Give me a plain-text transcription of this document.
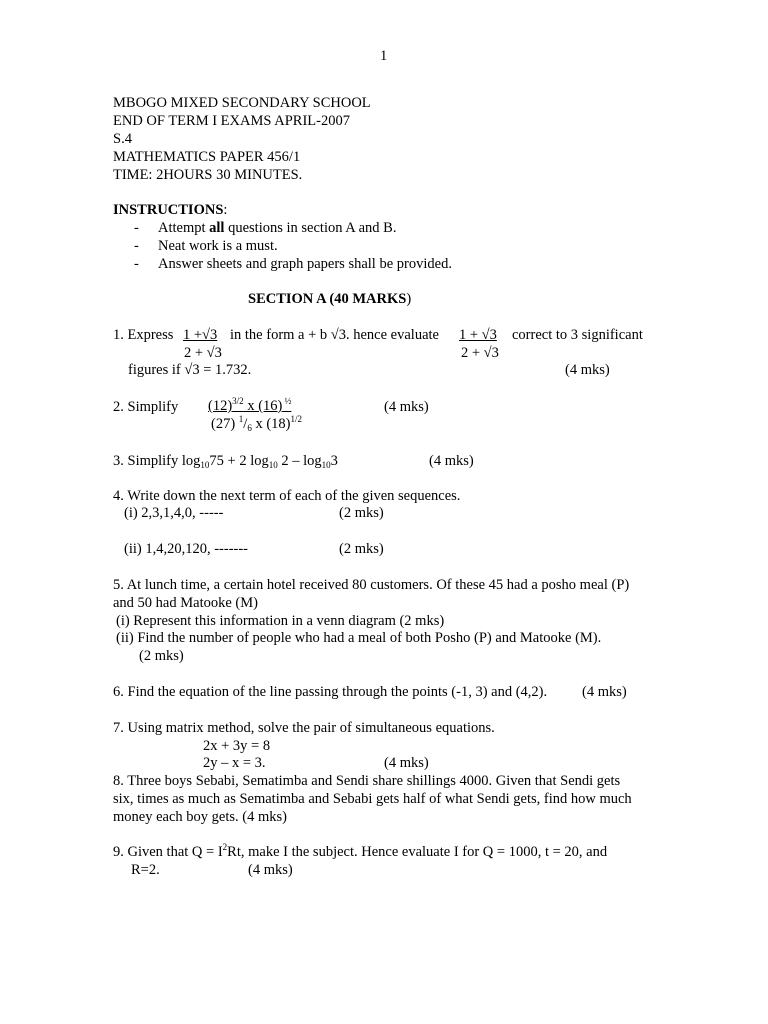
1
MBOGO MIXED SECONDARY SCHOOL
END OF TERM I EXAMS APRIL-2007
S.4
MATHEMATICS PAPER 456/1
TIME: 2HOURS 30 MINUTES.
INSTRUCTIONS:
- Attempt all questions in section A and B.
- Neat work is a must.
- Answer sheets and graph papers shall be provided.
SECTION A (40 MARKS)
1. Express 1 +√3 in the form a + b √3. hence evaluate 1 + √3 correct to 3 significant
2 + √3	2 + √3
figures if √3 = 1.732.	(4 mks)
2. Simplify $(12)^{3/2}$ x (16) $^{\frac{1}{2}}$
(27) $^1/_6$ x $(18)^{1/2}$
(4 mks)
3. Simplify $\log_{10}75 + 2$ $\log_{10} 2 - \log_{10}3$	(4 mks)
4. Write down the next term of each of the given sequences.
(i) 2,3,1,4,0, -----	(2 mks)
(ii) 1,4,20,120, -------	(2 mks)
5. At lunch time, a certain hotel received 80 customers. Of these 45 had a posho meal (P)
and 50 had Matooke (M)
(i) Represent this information in a venn diagram (2 mks)
(ii) Find the number of people who had a meal of both Posho (P) and Matooke (M).
(2 mks)
6. Find the equation of the line passing through the points (-1, 3) and (4,2). (4 mks)
7. Using matrix method, solve the pair of simultaneous equations.
2x + 3y = 8
2y – x = 3.	(4 mks)
8. Three boys Sebabi, Sematimba and Sendi share shillings 4000. Given that Sendi gets
six, times as much as Sematimba and Sebabi gets half of what Sendi gets, find how much
money each boy gets. (4 mks)
9. Given that $Q = I^2Rt$, make I the subject. Hence evaluate I for Q = 1000, t = 20, and
R=2.	(4 mks)
